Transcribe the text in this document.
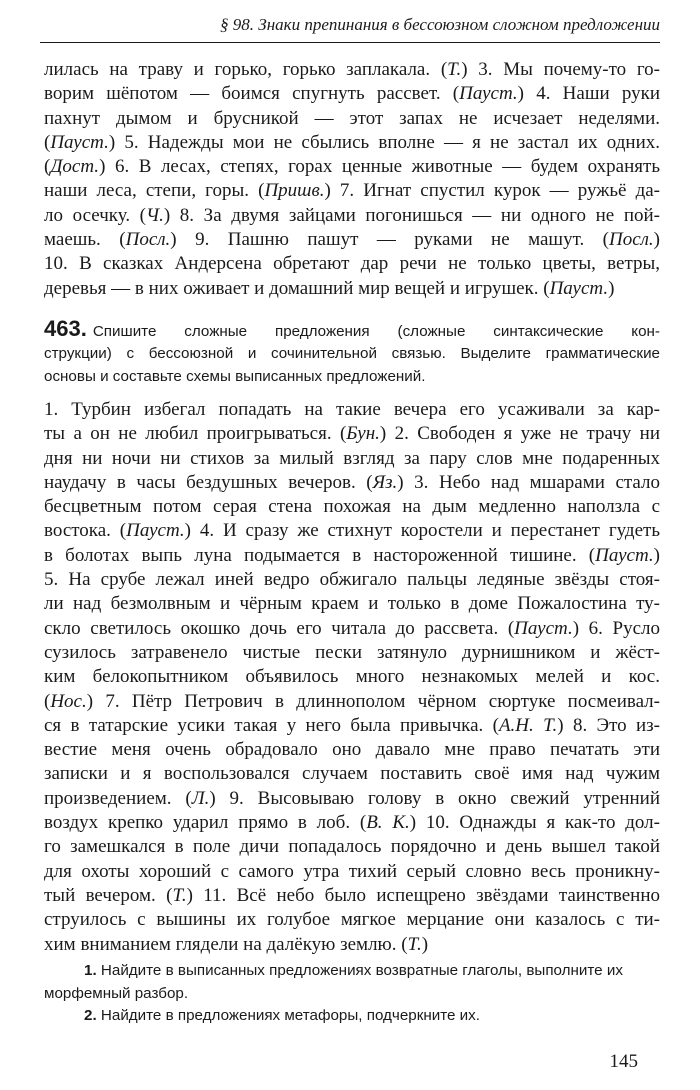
§ 98. Знаки препинания в бессоюзном сложном предложении
лилась на траву и горько, горько заплакала. (Т.) 3. Мы почему-то го-
ворим шёпотом — боимся спугнуть рассвет. (Пауст.) 4. Наши руки
пахнут дымом и брусникой — этот запах не исчезает неделями.
(Пауст.) 5. Надежды мои не сбылись вполне — я не застал их одних.
(Дост.) 6. В лесах, степях, горах ценные животные — будем охранять
наши леса, степи, горы. (Пришв.) 7. Игнат спустил курок — ружьё да-
ло осечку. (Ч.) 8. За двумя зайцами погонишься — ни одного не пой-
маешь. (Посл.) 9. Пашню пашут — руками не машут. (Посл.)
10. В сказках Андерсена обретают дар речи не только цветы, ветры,
деревья — в них оживает и домашний мир вещей и игрушек. (Пауст.)
463. Спишите сложные предложения (сложные синтаксические кон-
струкции) с бессоюзной и сочинительной связью. Выделите грамматические
основы и составьте схемы выписанных предложений.
1. Турбин избегал попадать на такие вечера его усаживали за кар-
ты а он не любил проигрываться. (Бун.) 2. Свободен я уже не трачу ни
дня ни ночи ни стихов за милый взгляд за пару слов мне подаренных
наудачу в часы бездушных вечеров. (Яз.) 3. Небо над мшарами стало
бесцветным потом серая стена похожая на дым медленно наползла с
востока. (Пауст.) 4. И сразу же стихнут коростели и перестанет гудеть
в болотах выпь луна подымается в настороженной тишине. (Пауст.)
5. На срубе лежал иней ведро обжигало пальцы ледяные звёзды стоя-
ли над безмолвным и чёрным краем и только в доме Пожалостина ту-
скло светилось окошко дочь его читала до рассвета. (Пауст.) 6. Русло
сузилось затравенело чистые пески затянуло дурнишником и жёст-
ким белокопытником объявилось много незнакомых мелей и кос.
(Нос.) 7. Пётр Петрович в длиннополом чёрном сюртуке посмеивал-
ся в татарские усики такая у него была привычка. (А.Н. Т.) 8. Это из-
вестие меня очень обрадовало оно давало мне право печатать эти
записки и я воспользовался случаем поставить своё имя над чужим
произведением. (Л.) 9. Высовываю голову в окно свежий утренний
воздух крепко ударил прямо в лоб. (В. К.) 10. Однажды я как-то дол-
го замешкался в поле дичи попадалось порядочно и день вышел такой
для охоты хороший с самого утра тихий серый словно весь проникну-
тый вечером. (Т.) 11. Всё небо было испещрено звёздами таинственно
струилось с вышины их голубое мягкое мерцание они казалось с ти-
хим вниманием глядели на далёкую землю. (Т.)
1. Найдите в выписанных предложениях возвратные глаголы, выполните их морфемный разбор.
2. Найдите в предложениях метафоры, подчеркните их.
145
